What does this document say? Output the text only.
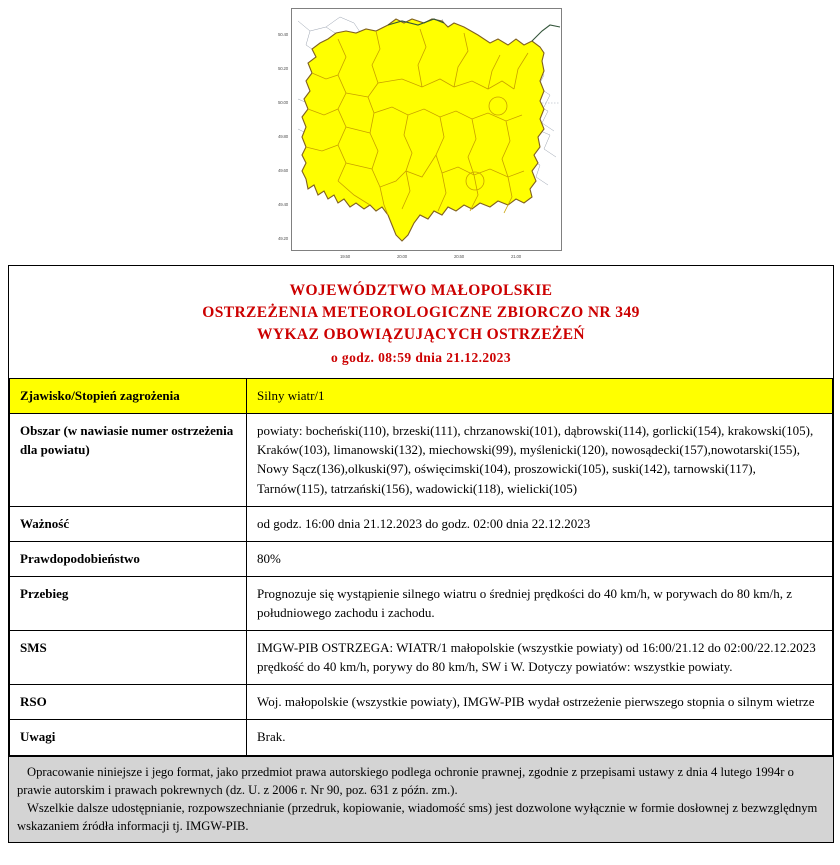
50.40
50.20
50.00
49.80
49.60
49.40
49.20
19.50	20.00	20.50	21.00
WOJEWÓDZTWO MAŁOPOLSKIE
OSTRZEŻENIA METEOROLOGICZNE ZBIORCZO NR 349
WYKAZ OBOWIĄZUJĄCYCH OSTRZEŻEŃ
o godz. 08:59 dnia 21.12.2023
Zjawisko/Stopień zagrożenia	Silny wiatr/1
Obszar (w nawiasie numer ostrzeżenia dla powiatu)	powiaty: bocheński(110), brzeski(111), chrzanowski(101), dąbrowski(114), gorlicki(154), krakowski(105), Kraków(103), limanowski(132), miechowski(99), myślenicki(120), nowosądecki(157),nowotarski(155), Nowy Sącz(136),olkuski(97), oświęcimski(104), proszowicki(105), suski(142), tarnowski(117), Tarnów(115), tatrzański(156), wadowicki(118), wielicki(105)
Ważność	od godz. 16:00 dnia 21.12.2023 do godz. 02:00 dnia 22.12.2023
Prawdopodobieństwo	80%
Przebieg	Prognozuje się wystąpienie silnego wiatru o średniej prędkości do 40 km/h, w porywach do 80 km/h, z południowego zachodu i zachodu.
SMS	IMGW-PIB OSTRZEGA: WIATR/1 małopolskie (wszystkie powiaty) od 16:00/21.12 do 02:00/22.12.2023 prędkość do 40 km/h, porywy do 80 km/h, SW i W. Dotyczy powiatów: wszystkie powiaty.
RSO	Woj. małopolskie (wszystkie powiaty), IMGW-PIB wydał ostrzeżenie pierwszego stopnia o silnym wietrze
Uwagi	Brak.

Opracowanie niniejsze i jego format, jako przedmiot prawa autorskiego podlega ochronie prawnej, zgodnie z przepisami ustawy z dnia 4 lutego 1994r o prawie autorskim i prawach pokrewnych (dz. U. z 2006 r. Nr 90, poz. 631 z późn. zm.).

Wszelkie dalsze udostępnianie, rozpowszechnianie (przedruk, kopiowanie, wiadomość sms) jest dozwolone wyłącznie w formie dosłownej z bezwzględnym wskazaniem źródła informacji tj. IMGW-PIB.
